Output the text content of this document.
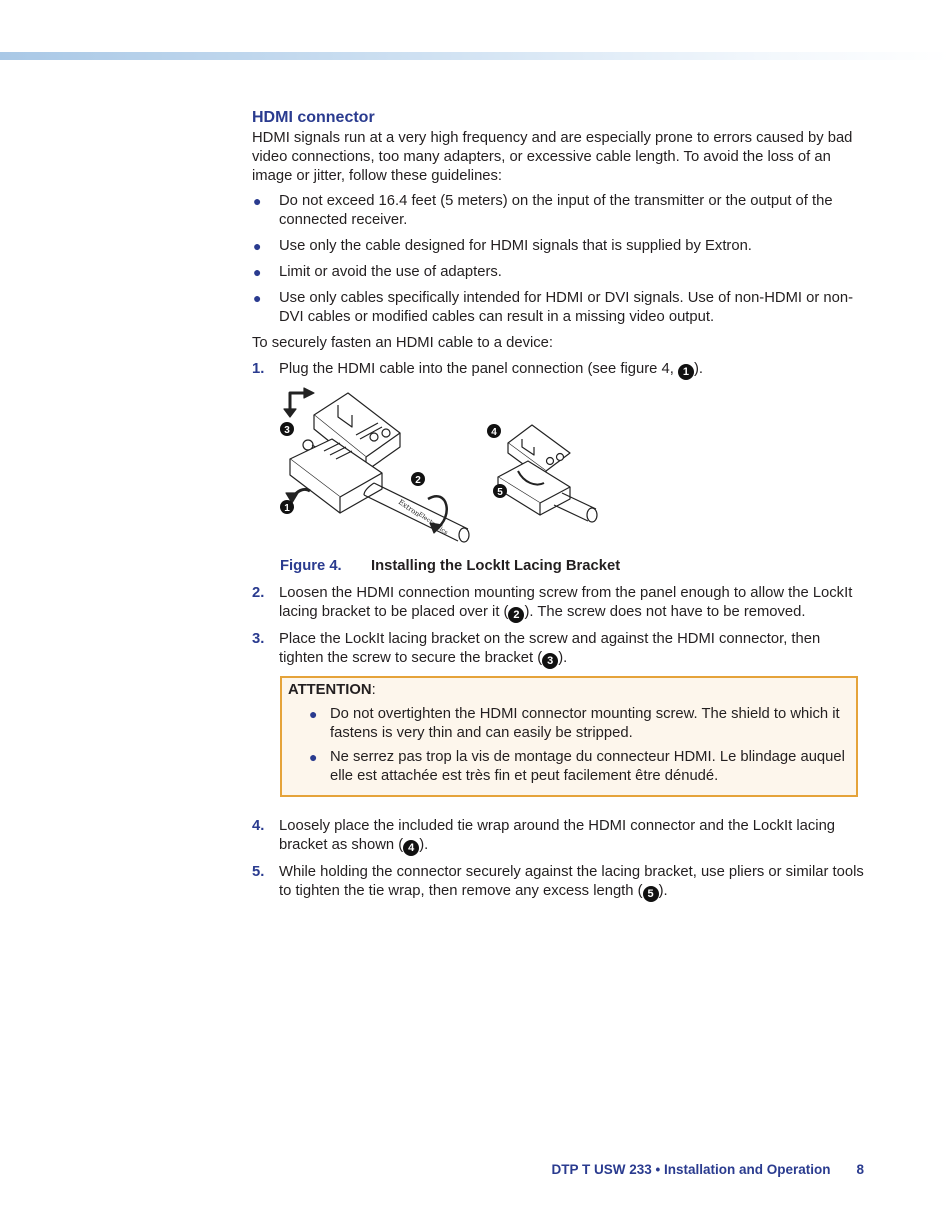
HDMI connector

HDMI signals run at a very high frequency and are especially prone to errors caused by bad video connections, too many adapters, or excessive cable length. To avoid the loss of an image or jitter, follow these guidelines:

● Do not exceed 16.4 feet (5 meters) on the input of the transmitter or the output of the connected receiver.
● Use only the cable designed for HDMI signals that is supplied by Extron.
● Limit or avoid the use of adapters.
● Use only cables specifically intended for HDMI or DVI signals. Use of non-HDMI or non-DVI cables or modified cables can result in a missing video output.

To securely fasten an HDMI cable to a device:

1. Plug the HDMI cable into the panel connection (see figure 4, 1 ).
Extron
Electronics
3
1
2
4
5
Figure 4. Installing the LockIt Lacing Bracket
2. Loosen the HDMI connection mounting screw from the panel enough to allow the LockIt lacing bracket to be placed over it ( 2 ). The screw does not have to be removed.
3. Place the LockIt lacing bracket on the screw and against the HDMI connector, then tighten the screw to secure the bracket ( 3 ).
ATTENTION:
● Do not overtighten the HDMI connector mounting screw. The shield to which it fastens is very thin and can easily be stripped.
● Ne serrez pas trop la vis de montage du connecteur HDMI. Le blindage auquel elle est attachée est très fin et peut facilement être dénudé.
4. Loosely place the included tie wrap around the HDMI connector and the LockIt lacing bracket as shown ( 4 ).
5. While holding the connector securely against the lacing bracket, use pliers or similar tools to tighten the tie wrap, then remove any excess length ( 5 ).
DTP T USW 233 • Installation and Operation 8
